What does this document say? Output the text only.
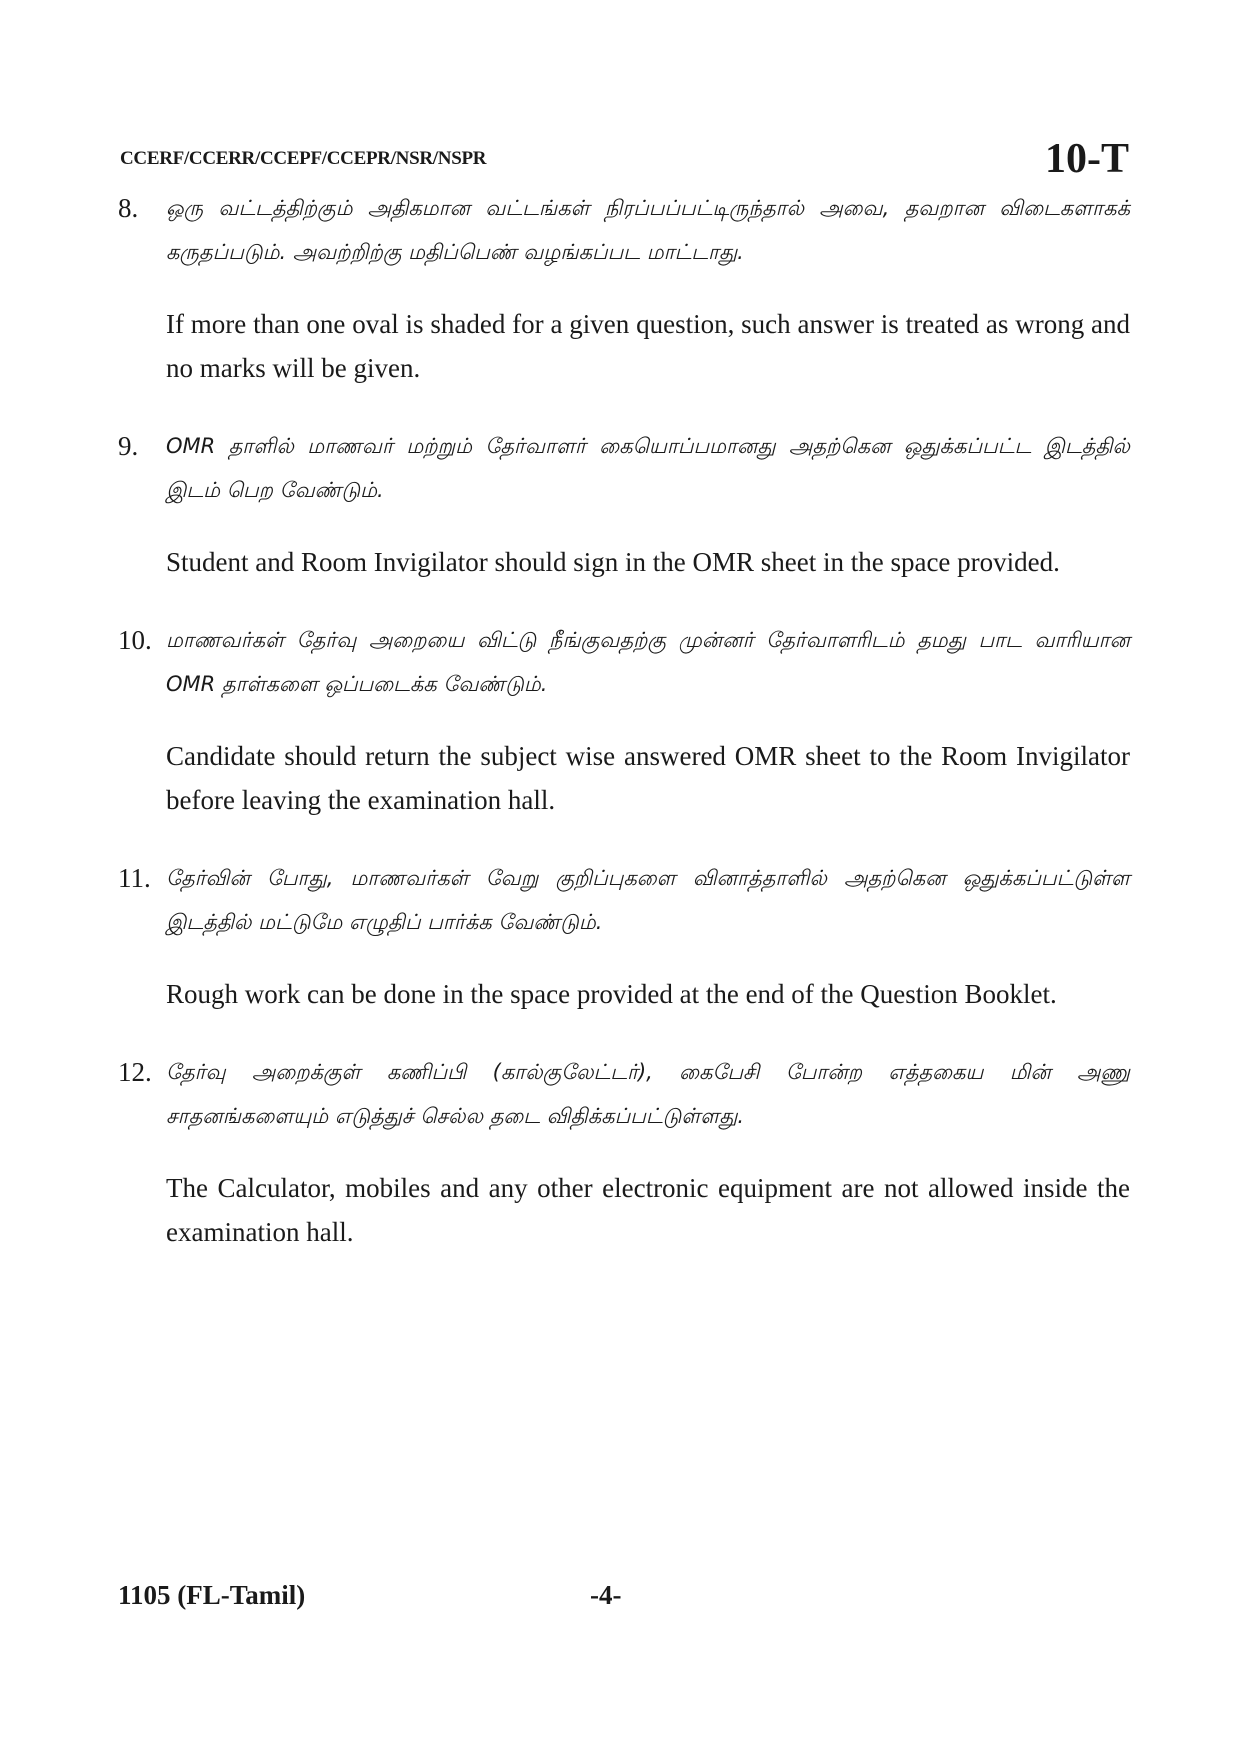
CCERF/CCERR/CCEPF/CCEPR/NSR/NSPR	10-T
8. ஒரு வட்டத்திற்கும் அதிகமான வட்டங்கள் நிரப்பப்பட்டிருந்தால் அவை, தவறான விடைகளாகக் கருதப்படும். அவற்றிற்கு மதிப்பெண் வழங்கப்பட மாட்டாது.
If more than one oval is shaded for a given question, such answer is treated as wrong and no marks will be given.
9. OMR தாளில் மாணவர் மற்றும் தேர்வாளர் கையொப்பமானது அதற்கென ஒதுக்கப்பட்ட இடத்தில் இடம் பெற வேண்டும்.
Student and Room Invigilator should sign in the OMR sheet in the space provided.
10. மாணவர்கள் தேர்வு அறையை விட்டு நீங்குவதற்கு முன்னர் தேர்வாளரிடம் தமது பாட வாரியான OMR தாள்களை ஒப்படைக்க வேண்டும்.
Candidate should return the subject wise answered OMR sheet to the Room Invigilator before leaving the examination hall.
11. தேர்வின் போது, மாணவர்கள் வேறு குறிப்புகளை வினாத்தாளில் அதற்கென ஒதுக்கப்பட்டுள்ள இடத்தில் மட்டுமே எழுதிப் பார்க்க வேண்டும்.
Rough work can be done in the space provided at the end of the Question Booklet.
12. தேர்வு அறைக்குள் கணிப்பி (கால்குலேட்டர்), கைபேசி போன்ற எத்தகைய மின் அணு சாதனங்களையும் எடுத்துச் செல்ல தடை விதிக்கப்பட்டுள்ளது.
The Calculator, mobiles and any other electronic equipment are not allowed inside the examination hall.
1105 (FL-Tamil)	-4-
